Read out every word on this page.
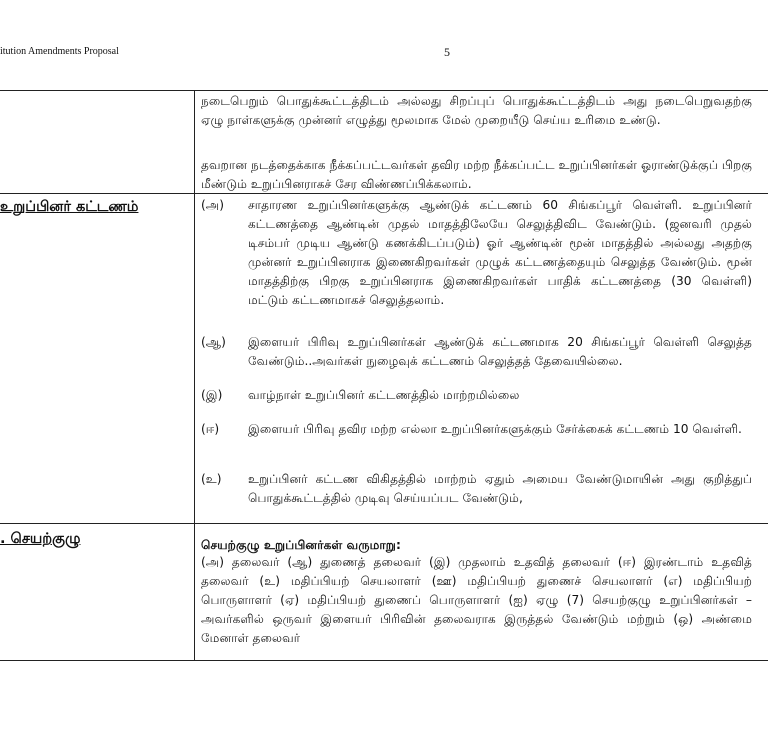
itution Amendments Proposal	5
நடைபெறும் பொதுக்கூட்டத்திடம் அல்லது சிறப்புப் பொதுக்கூட்டத்திடம் அது நடைபெறுவதற்கு ஏழு நாள்களுக்கு முன்னர் எழுத்து மூலமாக மேல் முறையீடு செய்ய உரிமை உண்டு.
தவறான நடத்தைக்காக நீக்கப்பட்டவர்கள் தவிர மற்ற நீக்கப்பட்ட உறுப்பினர்கள் ஓராண்டுக்குப் பிறகு மீண்டும் உறுப்பினராகச் சேர விண்ணப்பிக்கலாம்.
உறுப்பினர் கட்டணம்	(அ) சாதாரண உறுப்பினர்களுக்கு ஆண்டுக் கட்டணம் 60 சிங்கப்பூர் வெள்ளி. உறுப்பினர் கட்டணத்தை ஆண்டின் முதல் மாதத்திலேயே செலுத்திவிட வேண்டும். (ஜனவரி முதல் டிசம்பர் முடிய ஆண்டு கணக்கிடப்படும்) ஓர் ஆண்டின் மூன் மாதத்தில் அல்லது அதற்கு முன்னர் உறுப்பினராக இணைகிறவர்கள் முழுக் கட்டணத்தையும் செலுத்த வேண்டும். மூன் மாதத்திற்கு பிறகு உறுப்பினராக இணைகிறவர்கள் பாதிக் கட்டணத்தை (30 வெள்ளி) மட்டும் கட்டணமாகச் செலுத்தலாம்.
(ஆ) இளையர் பிரிவு உறுப்பினர்கள் ஆண்டுக் கட்டணமாக 20 சிங்கப்பூர் வெள்ளி செலுத்த வேண்டும்..அவர்கள் நுழைவுக் கட்டணம் செலுத்தத் தேவையில்லை.
(இ) வாழ்நாள் உறுப்பினர் கட்டணத்தில் மாற்றமில்லை
(ஈ) இளையர் பிரிவு தவிர மற்ற எல்லா உறுப்பினர்களுக்கும் சேர்க்கைக் கட்டணம் 10 வெள்ளி.
(உ) உறுப்பினர் கட்டண விகிதத்தில் மாற்றம் ஏதும் அமைய வேண்டுமாயின் அது குறித்துப் பொதுக்கூட்டத்தில் முடிவு செய்யப்பட வேண்டும்,
. செயற்குழு	செயற்குழு உறுப்பினர்கள் வருமாறு:
(அ) தலைவர் (ஆ) துணைத் தலைவர் (இ) முதலாம் உதவித் தலைவர் (ஈ) இரண்டாம் உதவித் தலைவர் (உ) மதிப்பியற் செயலாளர் (ஊ) மதிப்பியற் துணைச் செயலாளர் (எ) மதிப்பியற் பொருளாளர் (ஏ) மதிப்பியற் துணைப் பொருளாளர் (ஐ) ஏழு (7) செயற்குழு உறுப்பினர்கள் – அவர்களில் ஒருவர் இளையர் பிரிவின் தலைவராக இருத்தல் வேண்டும் மற்றும் (ஒ) அண்மை மேனாள் தலைவர்
